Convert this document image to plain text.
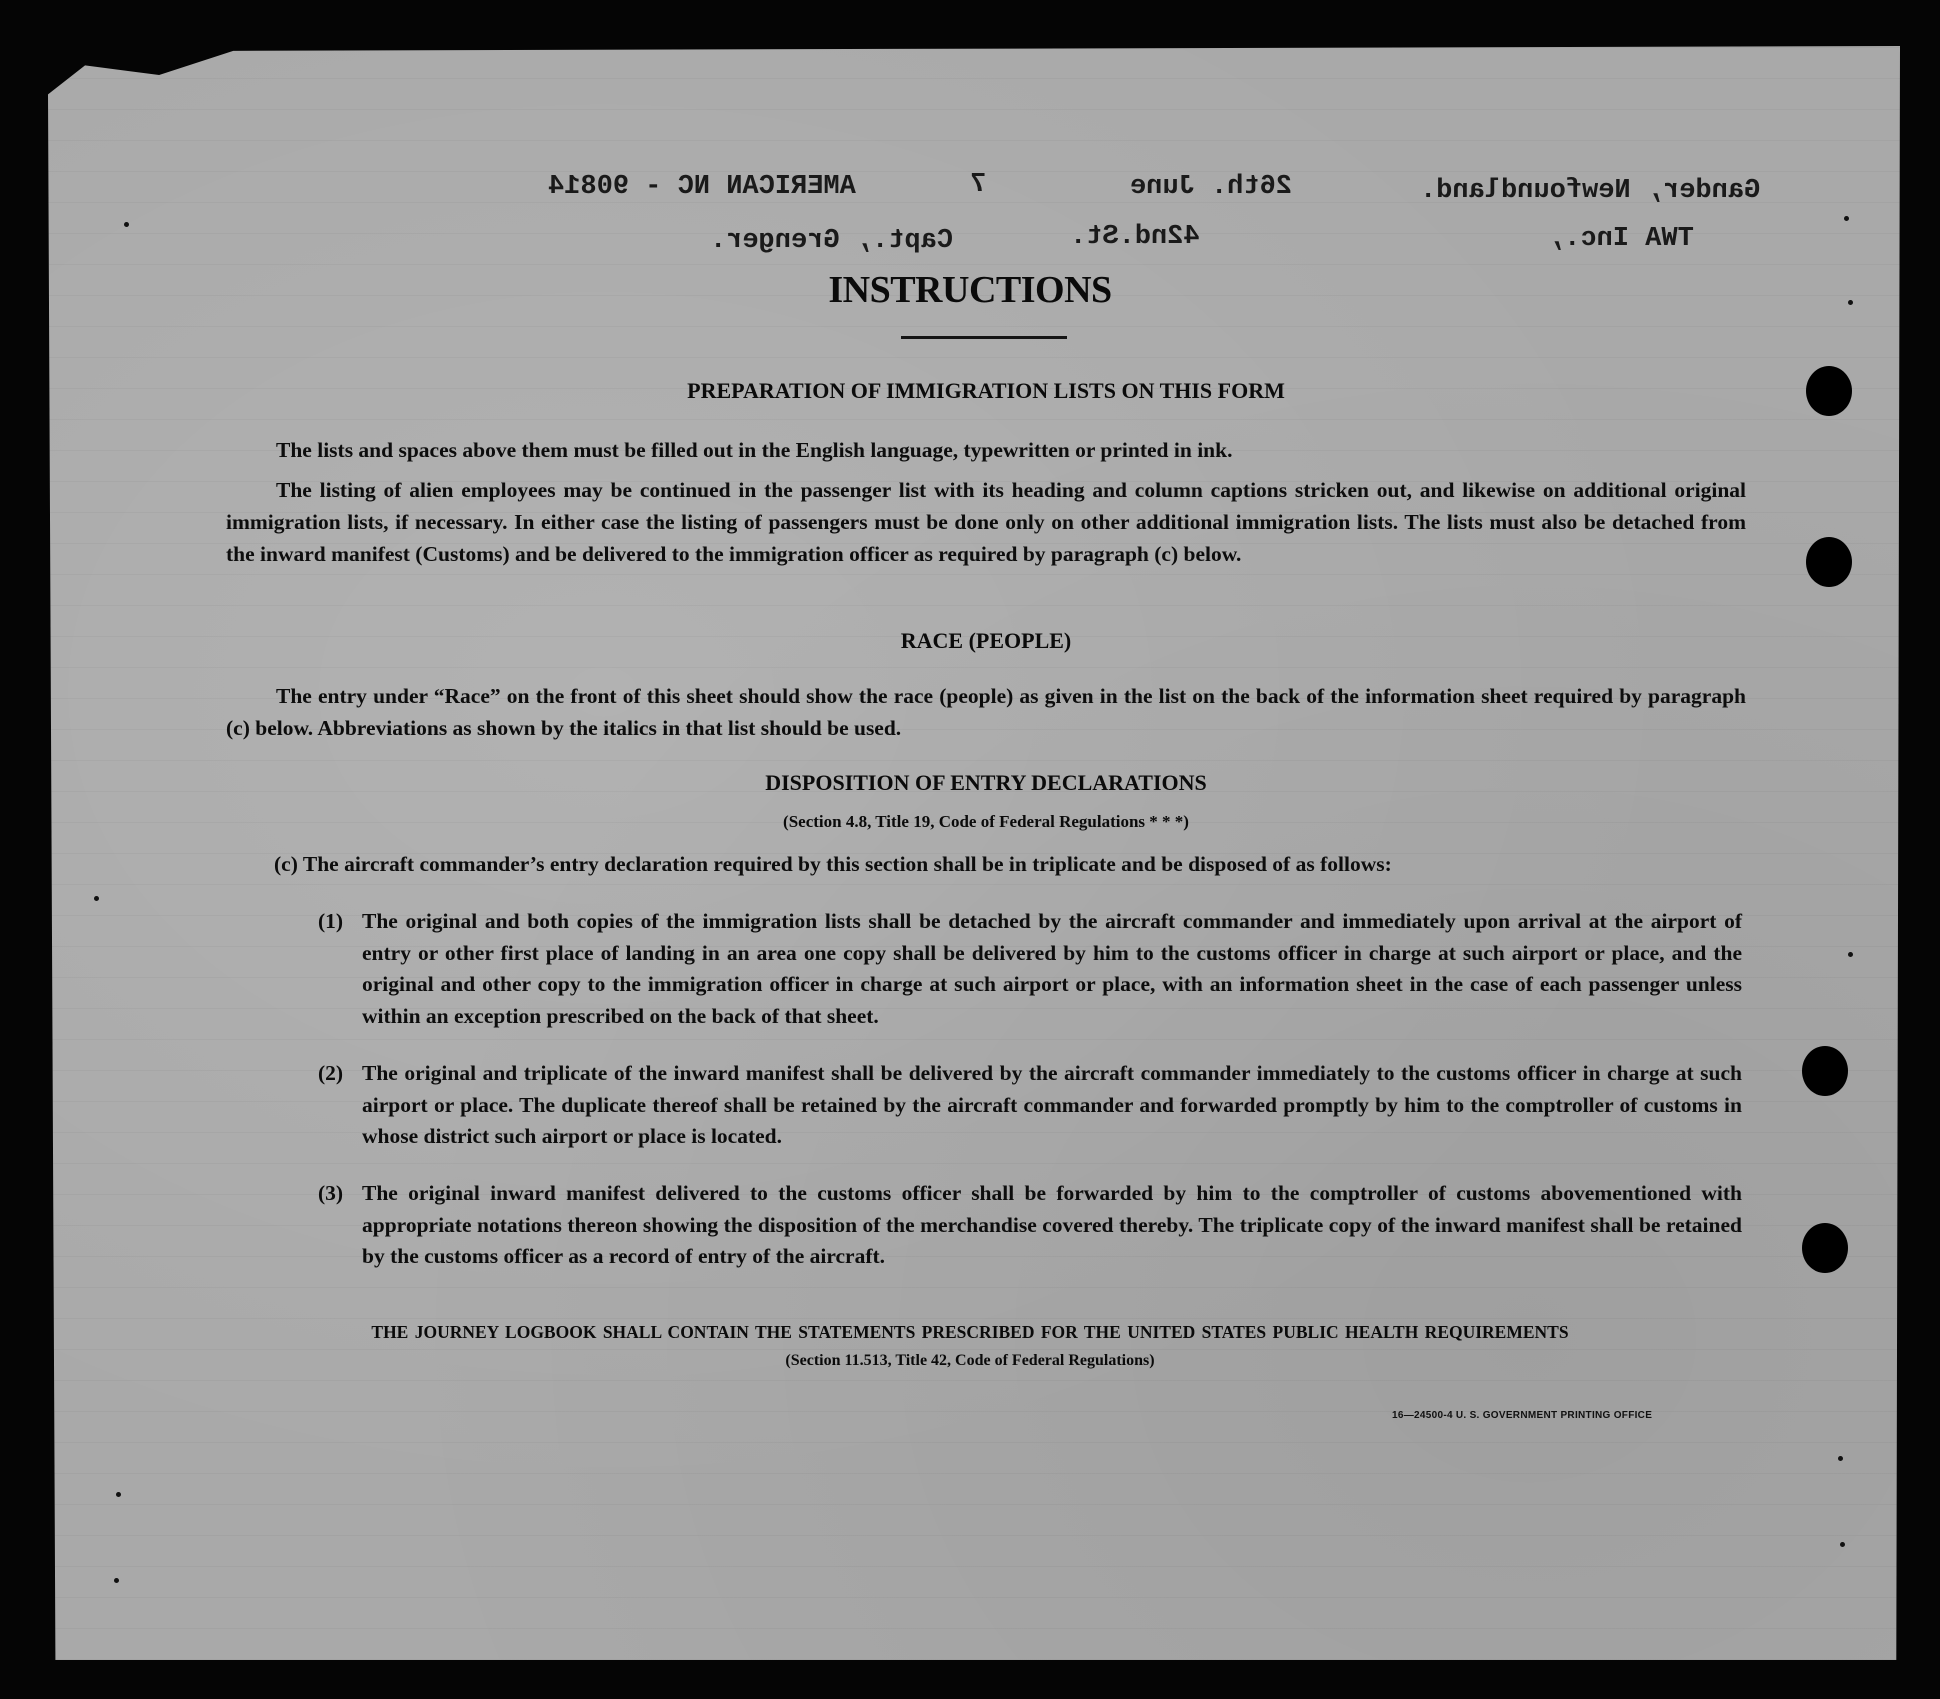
Gander, Newfoundland.
26th. June
7
AMERICAN NC - 90814
TWA Inc.,
42nd.St.
Capt., Grenger.
INSTRUCTIONS
PREPARATION OF IMMIGRATION LISTS ON THIS FORM
The lists and spaces above them must be filled out in the English language, typewritten or printed in ink.
The listing of alien employees may be continued in the passenger list with its heading and column captions stricken out, and likewise on additional original immigration lists, if necessary. In either case the listing of passengers must be done only on other additional immigration lists. The lists must also be detached from the inward manifest (Customs) and be delivered to the immigration officer as required by paragraph (c) below.
RACE (PEOPLE)
The entry under “Race” on the front of this sheet should show the race (people) as given in the list on the back of the information sheet required by paragraph (c) below. Abbreviations as shown by the italics in that list should be used.
DISPOSITION OF ENTRY DECLARATIONS
(Section 4.8, Title 19, Code of Federal Regulations * * *)
(c) The aircraft commander’s entry declaration required by this section shall be in triplicate and be disposed of as follows:
(1) The original and both copies of the immigration lists shall be detached by the aircraft commander and immediately upon arrival at the airport of entry or other first place of landing in an area one copy shall be delivered by him to the customs officer in charge at such airport or place, and the original and other copy to the immigration officer in charge at such airport or place, with an information sheet in the case of each passenger unless within an exception prescribed on the back of that sheet.
(2) The original and triplicate of the inward manifest shall be delivered by the aircraft commander immediately to the customs officer in charge at such airport or place. The duplicate thereof shall be retained by the aircraft commander and forwarded promptly by him to the comptroller of customs in whose district such airport or place is located.
(3) The original inward manifest delivered to the customs officer shall be forwarded by him to the comptroller of customs abovementioned with appropriate notations thereon showing the disposition of the merchandise covered thereby. The triplicate copy of the inward manifest shall be retained by the customs officer as a record of entry of the aircraft.
THE JOURNEY LOGBOOK SHALL CONTAIN THE STATEMENTS PRESCRIBED FOR THE UNITED STATES PUBLIC HEALTH REQUIREMENTS
(Section 11.513, Title 42, Code of Federal Regulations)
16—24500-4 U. S. GOVERNMENT PRINTING OFFICE
